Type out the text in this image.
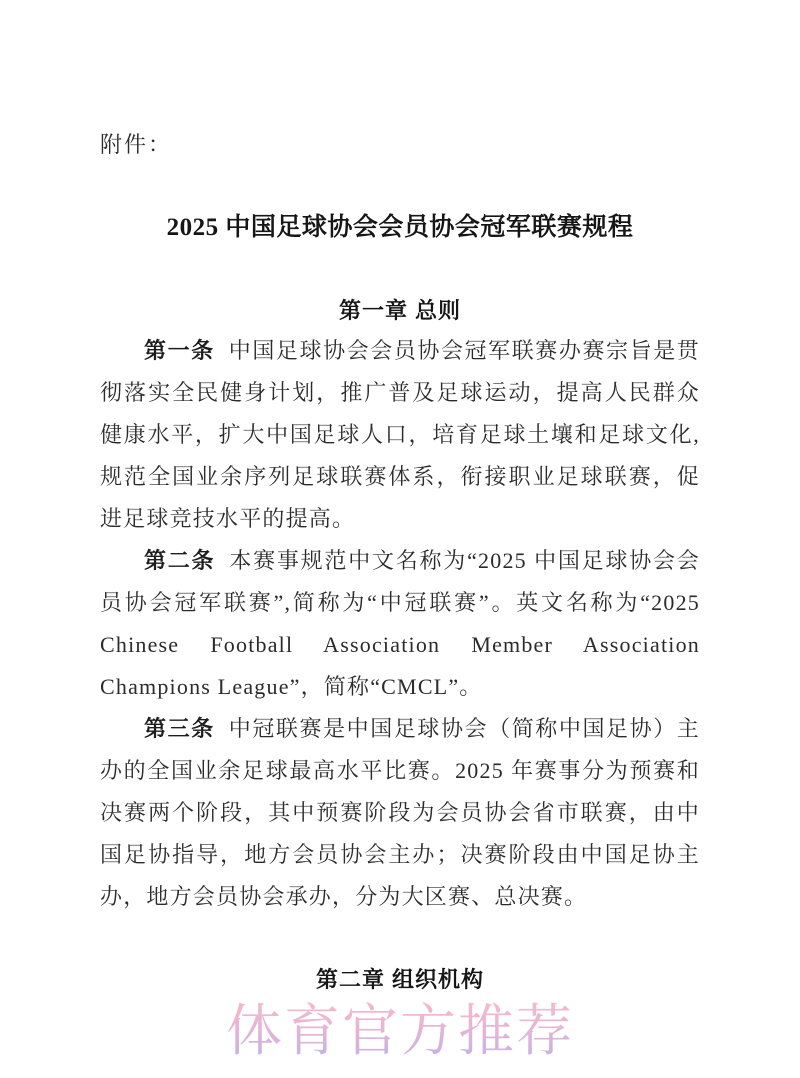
附件：
2025 中国足球协会会员协会冠军联赛规程
第一章 总则

第一条 中国足球协会会员协会冠军联赛办赛宗旨是贯彻落实全民健身计划，推广普及足球运动，提高人民群众健康水平，扩大中国足球人口，培育足球土壤和足球文化,规范全国业余序列足球联赛体系，衔接职业足球联赛，促进足球竞技水平的提高。

第二条 本赛事规范中文名称为“2025 中国足球协会会员协会冠军联赛”,简称为“中冠联赛”。英文名称为“2025 Chinese Football Association Member Association Champions League”，简称“CMCL”。

第三条 中冠联赛是中国足球协会（简称中国足协）主办的全国业余足球最高水平比赛。2025 年赛事分为预赛和决赛两个阶段，其中预赛阶段为会员协会省市联赛，由中国足协指导，地方会员协会主办；决赛阶段由中国足协主办，地方会员协会承办，分为大区赛、总决赛。

第二章 组织机构
体育官方推荐
